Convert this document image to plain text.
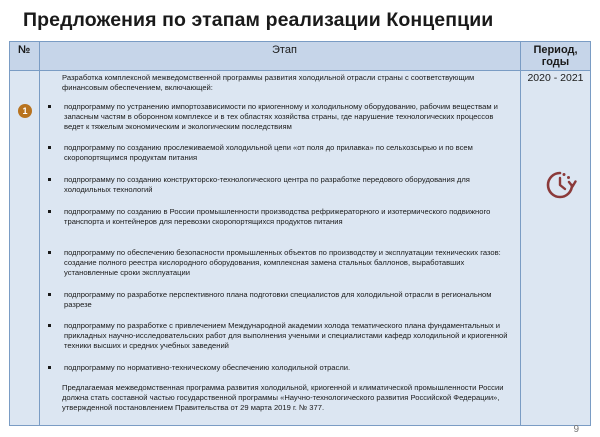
Предложения по этапам реализации Концепции
№	Этап	Период, годы
1
Разработка комплексной межведомственной программы развития холодильной отрасли страны с соответствующим финансовым обеспечением, включающей:
подпрограмму по устранению импортозависимости по криогенному и холодильному оборудованию, рабочим веществам и запасным частям в оборонном комплексе и в тех областях хозяйства страны, где нарушение технологических процессов ведет к тяжелым экономическим и экологическим последствиям
подпрограмму по созданию прослеживаемой холодильной цепи «от поля до прилавка» по сельхозсырью и по всем скоропортящимся продуктам питания
подпрограмму по созданию конструкторско-технологического центра по разработке передового оборудования для холодильных технологий
подпрограмму по созданию в России промышленности производства рефрижераторного и изотермического подвижного транспорта и контейнеров для перевозки скоропортящихся продуктов питания
подпрограмму по обеспечению безопасности промышленных объектов по производству и эксплуатации технических газов: создание полного реестра кислородного оборудования, комплексная замена стальных баллонов, выработавших установленные сроки эксплуатации
подпрограмму по разработке перспективного плана подготовки специалистов для холодильной отрасли в региональном разрезе
подпрограмму по разработке с привлечением Международной академии холода тематического плана фундаментальных и прикладных научно-исследовательских работ для выполнения учеными и специалистами кафедр холодильной и криогенной техники высших и средних учебных заведений
подпрограмму по нормативно-техническому обеспечению холодильной отрасли.
Предлагаемая межведомственная программа развития холодильной, криогенной и климатической промышленности России должна стать составной частью государственной программы «Научно-технологического развития Российской Федерации», утвержденной постановлением Правительства от 29 марта 2019 г. № 377.
2020 - 2021
9
